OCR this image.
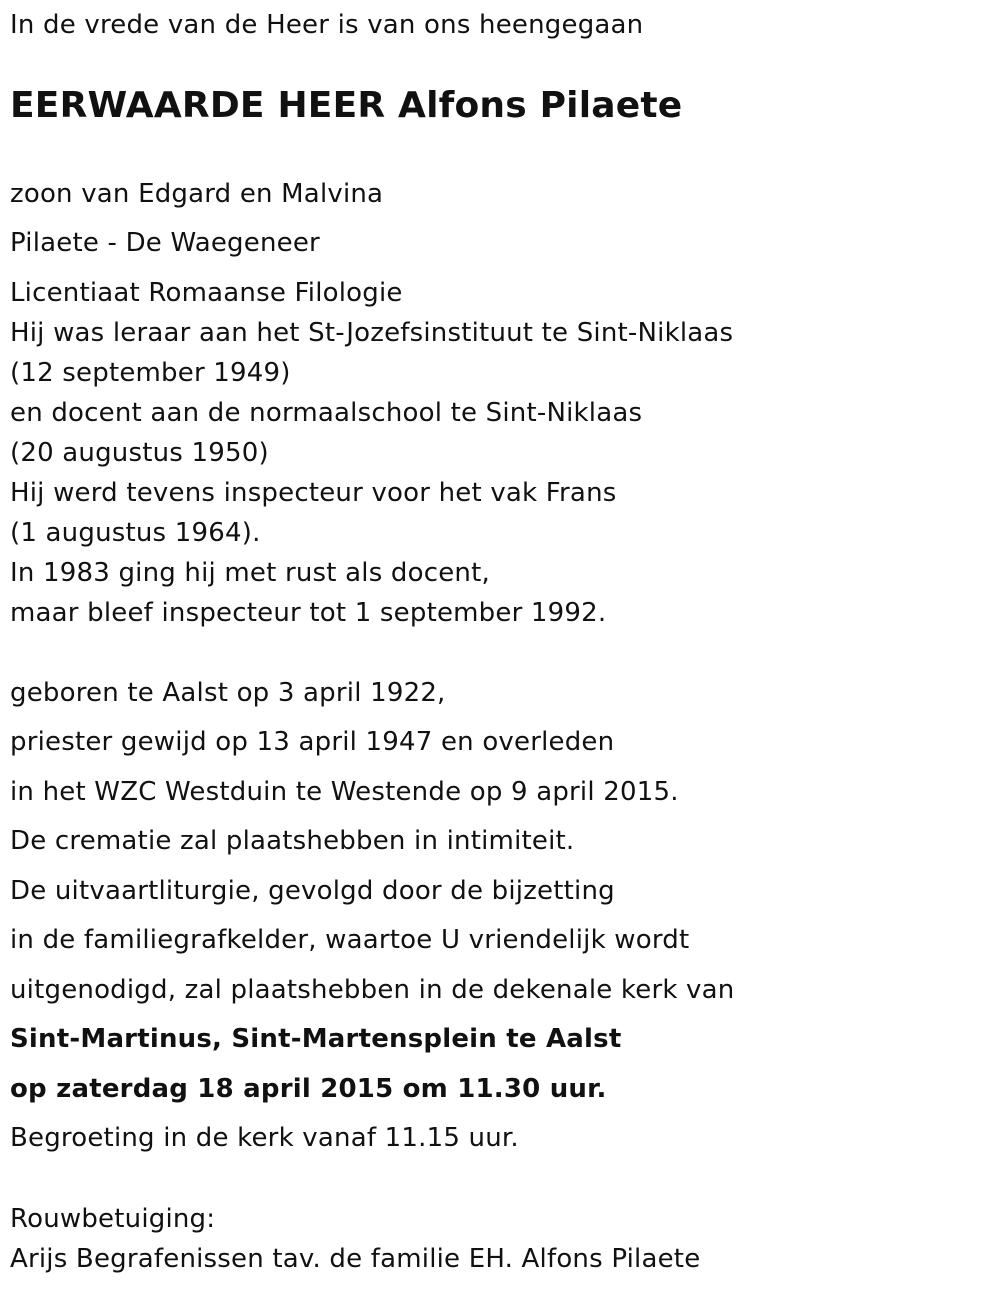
In de vrede van de Heer is van ons heengegaan
EERWAARDE HEER Alfons Pilaete
zoon van Edgard en Malvina
Pilaete - De Waegeneer
Licentiaat Romaanse Filologie
Hij was leraar aan het St-Jozefsinstituut te Sint-Niklaas
(12 september 1949)
en docent aan de normaalschool te Sint-Niklaas
(20 augustus 1950)
Hij werd tevens inspecteur voor het vak Frans
(1 augustus 1964).
In 1983 ging hij met rust als docent,
maar bleef inspecteur tot 1 september 1992.
geboren te Aalst op 3 april 1922,
priester gewijd op 13 april 1947 en overleden
in het WZC Westduin te Westende op 9 april 2015.
De crematie zal plaatshebben in intimiteit.
De uitvaartliturgie, gevolgd door de bijzetting
in de familiegrafkelder, waartoe U vriendelijk wordt
uitgenodigd, zal plaatshebben in de dekenale kerk van
Sint-Martinus, Sint-Martensplein te Aalst
op zaterdag 18 april 2015 om 11.30 uur.
Begroeting in de kerk vanaf 11.15 uur.
Rouwbetuiging:
Arijs Begrafenissen tav. de familie EH. Alfons Pilaete
